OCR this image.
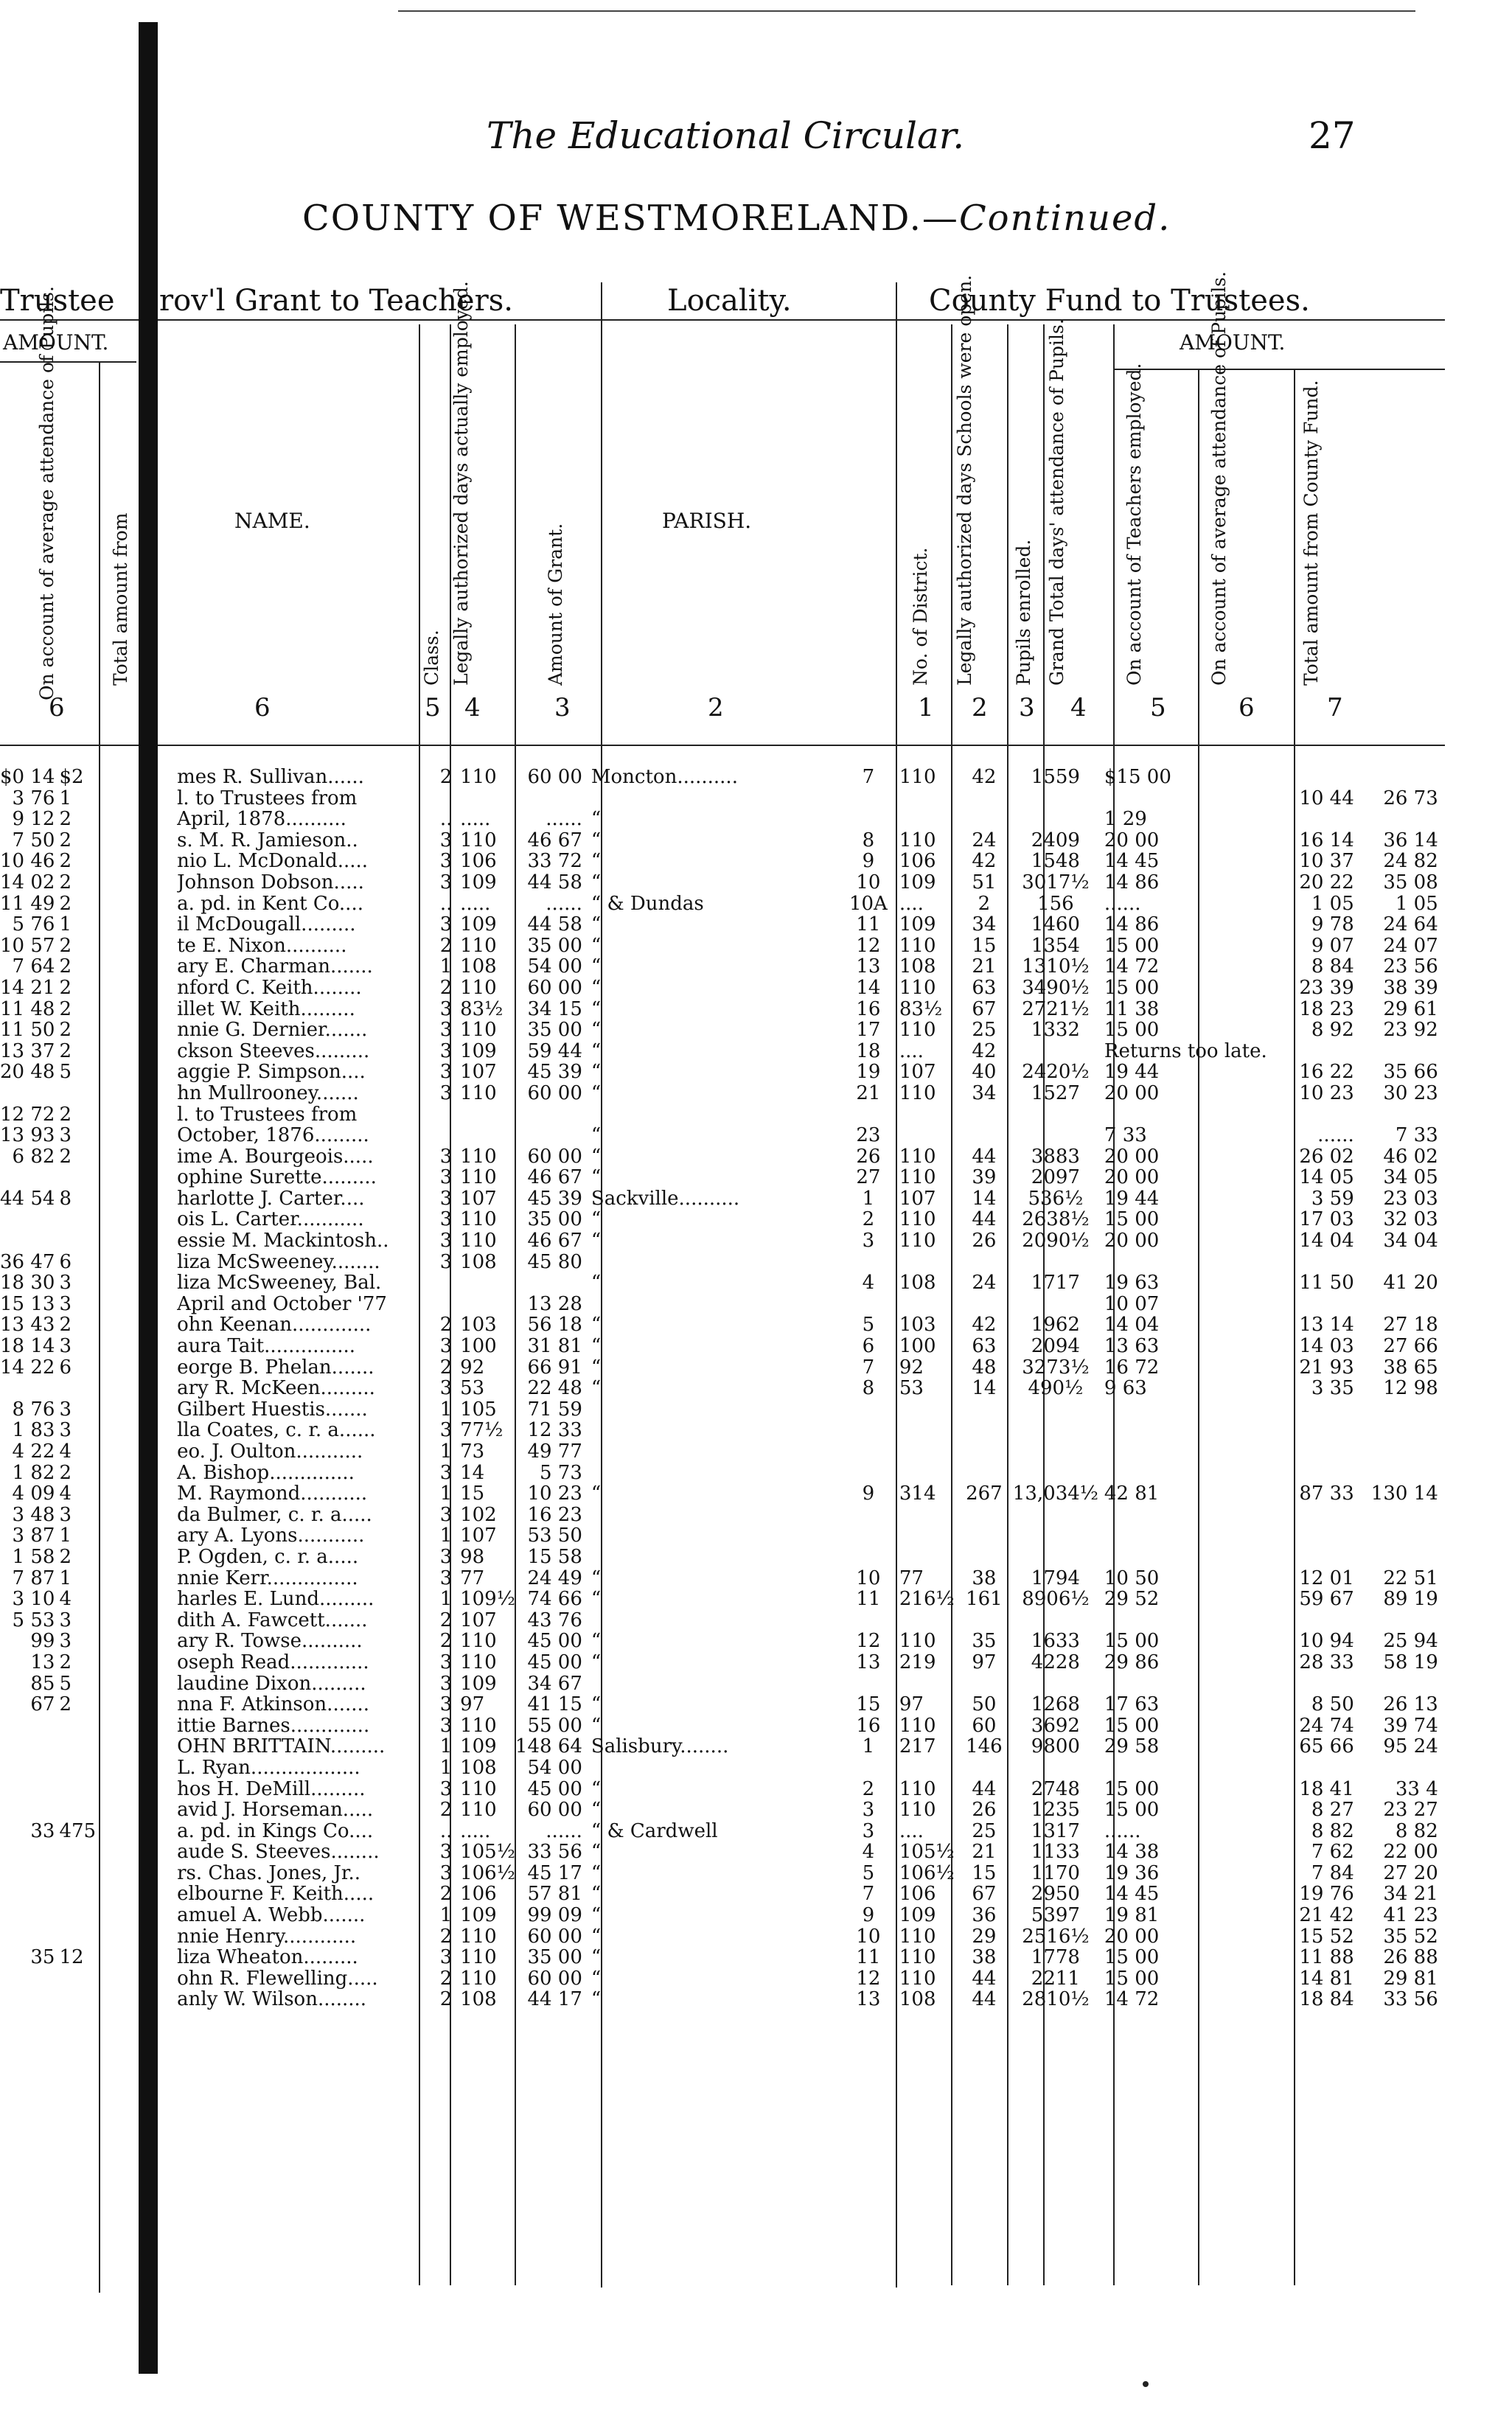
The Educational Circular.	27
COUNTY OF WESTMORELAND.—Continued.
Trustee rov'l Grant to Teachers.	Locality.	County Fund to Trustees.
AMOUNT.	AMOUNT.
On account of average attendance of Pupils.	Total amount from	NAME.
Class. Legally authorized days actually employed.	Amount of Grant.
PARISH.
No. of District. Legally authorized days Schools were open. Pupils enrolled. Grand Total days' attendance of Pupils.	On account of Teachers employed.	On account of average attendance of Pupils.	Total amount from County Fund.
6	6	5 4	3	2	1 2 3 4	5	6	7
$0 14	$2		mes R. Sullivan......	2	110	60 00	Moncton..........	7	110	42	1559	$15 00		
3 76	1		l. to Trustees from										10 44	26 73
9 12	2		April, 1878..........	..	.....	......	“					1 29		
7 50	2		s. M. R. Jamieson..	3	110	46 67	“	8	110	24	2409	20 00	16 14	36 14
10 46	2		nio L. McDonald.....	3	106	33 72	“	9	106	42	1548	14 45	10 37	24 82
14 02	2		Johnson Dobson.....	3	109	44 58	“	10	109	51	3017½	14 86	20 22	35 08
11 49	2		a. pd. in Kent Co....	..	.....	......	“ & Dundas	10A	....	2	156	......	1 05	1 05
5 76	1		il McDougall.........	3	109	44 58	“	11	109	34	1460	14 86	9 78	24 64
10 57	2		te E. Nixon..........	2	110	35 00	“	12	110	15	1354	15 00	9 07	24 07
7 64	2		ary E. Charman.......	1	108	54 00	“	13	108	21	1310½	14 72	8 84	23 56
14 21	2		nford C. Keith........	2	110	60 00	“	14	110	63	3490½	15 00	23 39	38 39
11 48	2		illet W. Keith.........	3	83½	34 15	“	16	83½	67	2721½	11 38	18 23	29 61
11 50	2		nnie G. Dernier.......	3	110	35 00	“	17	110	25	1332	15 00	8 92	23 92
13 37	2		ckson Steeves.........	3	109	59 44	“	18	....	42		Returns too late.		
20 48	5		aggie P. Simpson....	3	107	45 39	“	19	107	40	2420½	19 44	16 22	35 66
			hn Mullrooney.......	3	110	60 00	“	21	110	34	1527	20 00	10 23	30 23
12 72	2		l. to Trustees from											
13 93	3		October, 1876.........				“	23				7 33	......	7 33
6 82	2		ime A. Bourgeois.....	3	110	60 00	“	26	110	44	3883	20 00	26 02	46 02
			ophine Surette.........	3	110	46 67	“	27	110	39	2097	20 00	14 05	34 05
44 54	8		harlotte J. Carter....	3	107	45 39	Sackville..........	1	107	14	536½	19 44	3 59	23 03
			ois L. Carter...........	3	110	35 00	“	2	110	44	2638½	15 00	17 03	32 03
			essie M. Mackintosh..	3	110	46 67	“	3	110	26	2090½	20 00	14 04	34 04
36 47	6		liza McSweeney........	3	108	45 80								
18 30	3		liza McSweeney, Bal.				“	4	108	24	1717	19 63	11 50	41 20
15 13	3		April and October '77			13 28						10 07		
13 43	2		ohn Keenan.............	2	103	56 18	“	5	103	42	1962	14 04	13 14	27 18
18 14	3		aura Tait...............	3	100	31 81	“	6	100	63	2094	13 63	14 03	27 66
14 22	6		eorge B. Phelan.......	2	92	66 91	“	7	92	48	3273½	16 72	21 93	38 65
			ary R. McKeen.........	3	53	22 48	“	8	53	14	490½	9 63	3 35	12 98
8 76	3		Gilbert Huestis.......	1	105	71 59								
1 83	3		lla Coates, c. r. a......	3	77½	12 33								
4 22	4		eo. J. Oulton...........	1	73	49 77								
1 82	2		A. Bishop..............	3	14	5 73								
4 09	4		M. Raymond...........	1	15	10 23	“	9	314	267	13,034½	42 81	87 33	130 14
3 48	3		da Bulmer, c. r. a.....	3	102	16 23								
3 87	1		ary A. Lyons...........	1	107	53 50								
1 58	2		P. Ogden, c. r. a.....	3	98	15 58								
7 87	1		nnie Kerr...............	3	77	24 49	“	10	77	38	1794	10 50	12 01	22 51
3 10	4		harles E. Lund.........	1	109½	74 66	“	11	216½	161	8906½	29 52	59 67	89 19
5 53	3		dith A. Fawcett.......	2	107	43 76								
99	3		ary R. Towse..........	2	110	45 00	“	12	110	35	1633	15 00	10 94	25 94
13	2		oseph Read.............	3	110	45 00	“	13	219	97	4228	29 86	28 33	58 19
85	5		laudine Dixon.........	3	109	34 67								
67	2		nna F. Atkinson.......	3	97	41 15	“	15	97	50	1268	17 63	8 50	26 13
			ittie Barnes.............	3	110	55 00	“	16	110	60	3692	15 00	24 74	39 74
			OHN BRITTAIN.........	1	109	148 64	Salisbury........	1	217	146	9800	29 58	65 66	95 24
			L. Ryan..................	1	108	54 00								
			hos H. DeMill.........	3	110	45 00	“	2	110	44	2748	15 00	18 41	33 4
			avid J. Horseman.....	2	110	60 00	“	3	110	26	1235	15 00	8 27	23 27
33	475		a. pd. in Kings Co....	..	.....	......	“ & Cardwell	3	....	25	1317	......	8 82	8 82
			aude S. Steeves........	3	105½	33 56	“	4	105½	21	1133	14 38	7 62	22 00
			rs. Chas. Jones, Jr..	3	106½	45 17	“	5	106½	15	1170	19 36	7 84	27 20
			elbourne F. Keith.....	2	106	57 81	“	7	106	67	2950	14 45	19 76	34 21
			amuel A. Webb.......	1	109	99 09	“	9	109	36	5397	19 81	21 42	41 23
			nnie Henry............	2	110	60 00	“	10	110	29	2516½	20 00	15 52	35 52
35	12		liza Wheaton.........	3	110	35 00	“	11	110	38	1778	15 00	11 88	26 88
			ohn R. Flewelling.....	2	110	60 00	“	12	110	44	2211	15 00	14 81	29 81
			anly W. Wilson........	2	108	44 17	“	13	108	44	2810½	14 72	18 84	33 56
